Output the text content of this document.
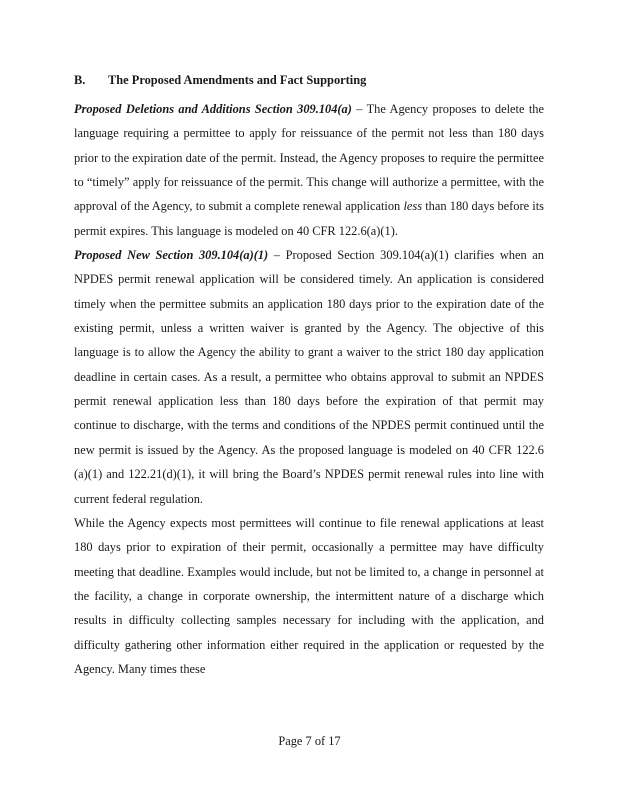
B. The Proposed Amendments and Fact Supporting

Proposed Deletions and Additions Section 309.104(a) – The Agency proposes to delete the language requiring a permittee to apply for reissuance of the permit not less than 180 days prior to the expiration date of the permit. Instead, the Agency proposes to require the permittee to “timely” apply for reissuance of the permit. This change will authorize a permittee, with the approval of the Agency, to submit a complete renewal application less than 180 days before its permit expires. This language is modeled on 40 CFR 122.6(a)(1).

Proposed New Section 309.104(a)(1) – Proposed Section 309.104(a)(1) clarifies when an NPDES permit renewal application will be considered timely. An application is considered timely when the permittee submits an application 180 days prior to the expiration date of the existing permit, unless a written waiver is granted by the Agency. The objective of this language is to allow the Agency the ability to grant a waiver to the strict 180 day application deadline in certain cases. As a result, a permittee who obtains approval to submit an NPDES permit renewal application less than 180 days before the expiration of that permit may continue to discharge, with the terms and conditions of the NPDES permit continued until the new permit is issued by the Agency. As the proposed language is modeled on 40 CFR 122.6 (a)(1) and 122.21(d)(1), it will bring the Board’s NPDES permit renewal rules into line with current federal regulation.

While the Agency expects most permittees will continue to file renewal applications at least 180 days prior to expiration of their permit, occasionally a permittee may have difficulty meeting that deadline. Examples would include, but not be limited to, a change in personnel at the facility, a change in corporate ownership, the intermittent nature of a discharge which results in difficulty collecting samples necessary for including with the application, and difficulty gathering other information either required in the application or requested by the Agency. Many times these

Page 7 of 17
